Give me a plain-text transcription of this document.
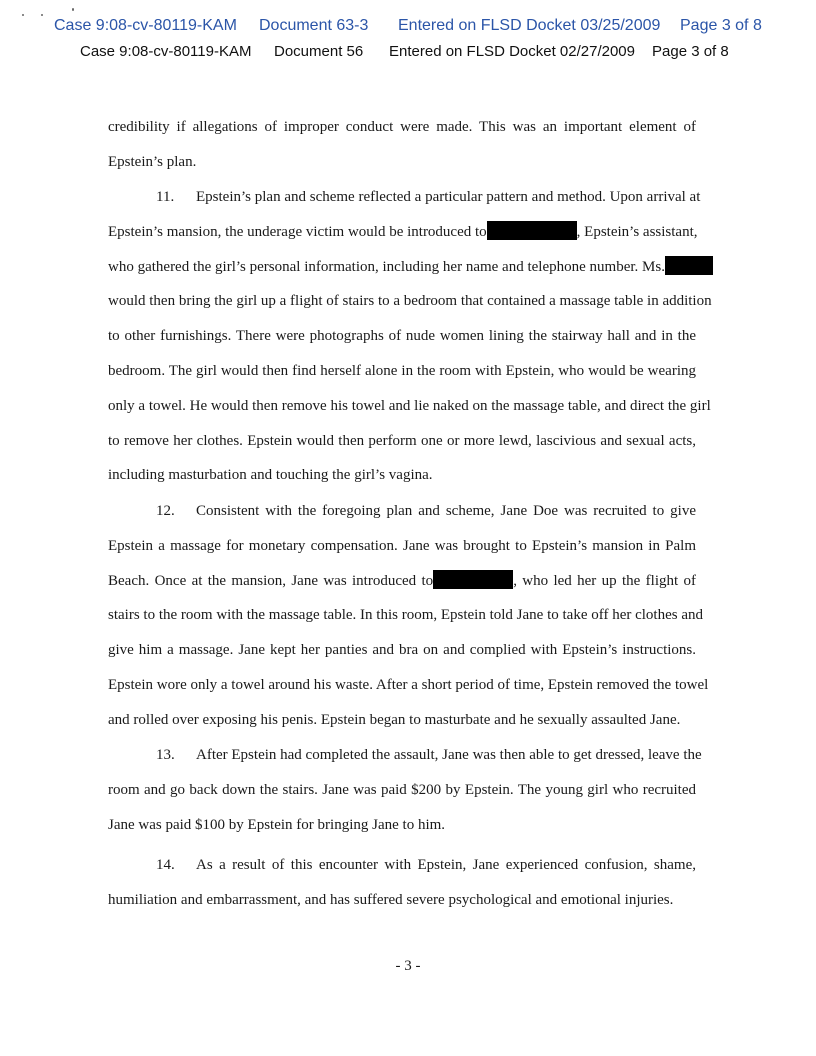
Case 9:08-cv-80119-KAM Document 63-3 Entered on FLSD Docket 03/25/2009 Page 3 of 8
Case 9:08-cv-80119-KAM Document 56 Entered on FLSD Docket 02/27/2009 Page 3 of 8
credibility if allegations of improper conduct were made. This was an important element of
Epstein’s plan.
11. Epstein’s plan and scheme reflected a particular pattern and method. Upon arrival at
Epstein’s mansion, the underage victim would be introduced to	, Epstein’s assistant,
who gathered the girl’s personal information, including her name and telephone number. Ms.
would then bring the girl up a flight of stairs to a bedroom that contained a massage table in addition
to other furnishings. There were photographs of nude women lining the stairway hall and in the
bedroom. The girl would then find herself alone in the room with Epstein, who would be wearing
only a towel. He would then remove his towel and lie naked on the massage table, and direct the girl
to remove her clothes. Epstein would then perform one or more lewd, lascivious and sexual acts,
including masturbation and touching the girl’s vagina.
12. Consistent with the foregoing plan and scheme, Jane Doe was recruited to give
Epstein a massage for monetary compensation. Jane was brought to Epstein’s mansion in Palm
Beach. Once at the mansion, Jane was introduced to	, who led her up the flight of
stairs to the room with the massage table. In this room, Epstein told Jane to take off her clothes and
give him a massage. Jane kept her panties and bra on and complied with Epstein’s instructions.
Epstein wore only a towel around his waste. After a short period of time, Epstein removed the towel
and rolled over exposing his penis. Epstein began to masturbate and he sexually assaulted Jane.
13. After Epstein had completed the assault, Jane was then able to get dressed, leave the
room and go back down the stairs. Jane was paid $200 by Epstein. The young girl who recruited
Jane was paid $100 by Epstein for bringing Jane to him.
14. As a result of this encounter with Epstein, Jane experienced confusion, shame,
humiliation and embarrassment, and has suffered severe psychological and emotional injuries.
- 3 -
